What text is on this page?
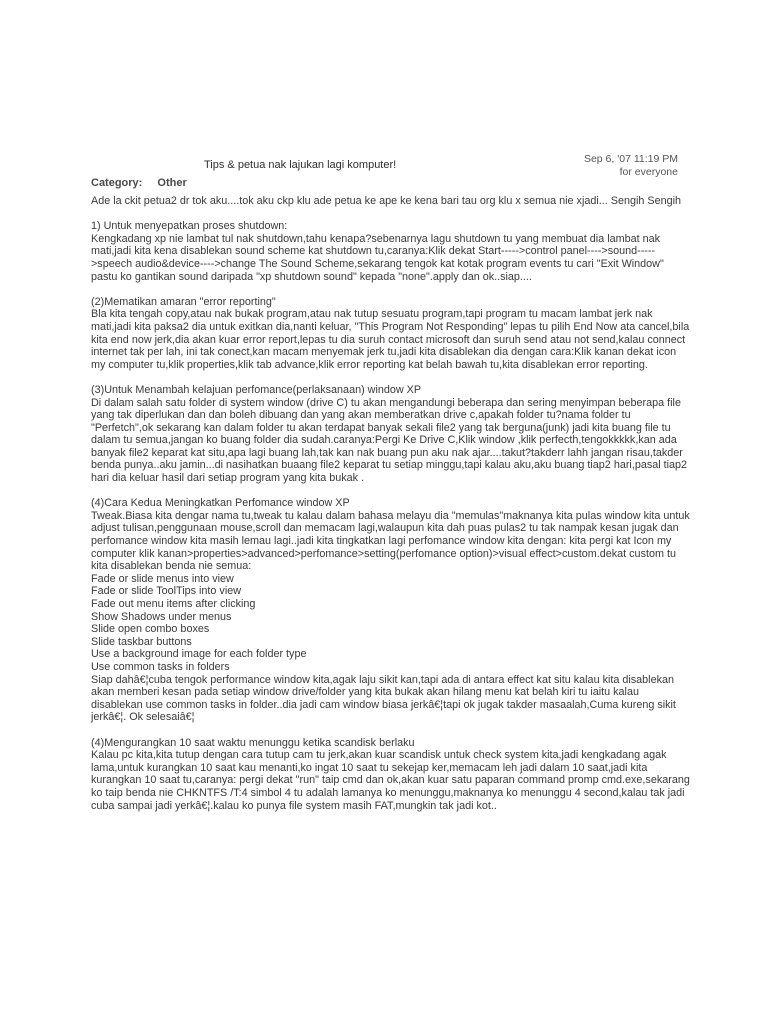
Tips & petua nak lajukan lagi komputer!	Sep 6, '07 11:19 PM
for everyone
Category: Other

Ade la ckit petua2 dr tok aku....tok aku ckp klu ade petua ke ape ke kena bari tau org klu x semua nie xjadi... Sengih Sengih

1) Untuk menyepatkan proses shutdown:
Kengkadang xp nie lambat tul nak shutdown,tahu kenapa?sebenarnya lagu shutdown tu yang membuat dia lambat nak mati,jadi kita kena disablekan sound scheme kat shutdown tu,caranya:Klik dekat Start----->control panel---->sound----->speech audio&device---->change The Sound Scheme,sekarang tengok kat kotak program events tu cari "Exit Window" pastu ko gantikan sound daripada "xp shutdown sound" kepada "none".apply dan ok..siap....

(2)Mematikan amaran "error reporting"
Bla kita tengah copy,atau nak bukak program,atau nak tutup sesuatu program,tapi program tu macam lambat jerk nak mati,jadi kita paksa2 dia untuk exitkan dia,nanti keluar, "This Program Not Responding" lepas tu pilih End Now ata cancel,bila kita end now jerk,dia akan kuar error report,lepas tu dia suruh contact microsoft dan suruh send atau not send,kalau connect internet tak per lah, ini tak conect,kan macam menyemak jerk tu,jadi kita disablekan dia dengan cara:Klik kanan dekat icon my computer tu,klik properties,klik tab advance,klik error reporting kat belah bawah tu,kita disablekan error reporting.

(3)Untuk Menambah kelajuan perfomance(perlaksanaan) window XP
Di dalam salah satu folder di system window (drive C) tu akan mengandungi beberapa dan sering menyimpan beberapa file yang tak diperlukan dan dan boleh dibuang dan yang akan memberatkan drive c,apakah folder tu?nama folder tu "Perfetch",ok sekarang kan dalam folder tu akan terdapat banyak sekali file2 yang tak berguna(junk) jadi kita buang file tu dalam tu semua,jangan ko buang folder dia sudah.caranya:Pergi Ke Drive C,Klik window ,klik perfecth,tengokkkkk,kan ada banyak file2 keparat kat situ,apa lagi buang lah,tak kan nak buang pun aku nak ajar....takut?takderr lahh jangan risau,takder benda punya..aku jamin...di nasihatkan buaang file2 keparat tu setiap minggu,tapi kalau aku,aku buang tiap2 hari,pasal tiap2 hari dia keluar hasil dari setiap program yang kita bukak .

(4)Cara Kedua Meningkatkan Perfomance window XP
Tweak.Biasa kita dengar nama tu,tweak tu kalau dalam bahasa melayu dia "memulas"maknanya kita pulas window kita untuk adjust tulisan,penggunaan mouse,scroll dan memacam lagi,walaupun kita dah puas pulas2 tu tak nampak kesan jugak dan perfomance window kita masih lemau lagi..jadi kita tingkatkan lagi perfomance window kita dengan: kita pergi kat Icon my computer klik kanan>properties>advanced>perfomance>setting(perfomance option)>visual effect>custom.dekat custom tu kita disablekan benda nie semua:
Fade or slide menus into view
Fade or slide ToolTips into view
Fade out menu items after clicking
Show Shadows under menus
Slide open combo boxes
Slide taskbar buttons
Use a background image for each folder type
Use common tasks in folders
Siap dahâ€¦cuba tengok performance window kita,agak laju sikit kan,tapi ada di antara effect kat situ kalau kita disablekan akan memberi kesan pada setiap window drive/folder yang kita bukak akan hilang menu kat belah kiri tu iaitu kalau disablekan use common tasks in folder..dia jadi cam window biasa jerkâ€¦tapi ok jugak takder masaalah,Cuma kureng sikit jerkâ€¦. Ok selesaiâ€¦

(4)Mengurangkan 10 saat waktu menunggu ketika scandisk berlaku
Kalau pc kita,kita tutup dengan cara tutup cam tu jerk,akan kuar scandisk untuk check system kita,jadi kengkadang agak lama,untuk kurangkan 10 saat kau menanti,ko ingat 10 saat tu sekejap ker,memacam leh jadi dalam 10 saat,jadi kita kurangkan 10 saat tu,caranya: pergi dekat "run" taip cmd dan ok,akan kuar satu paparan command promp cmd.exe,sekarang ko taip benda nie CHKNTFS /T:4 simbol 4 tu adalah lamanya ko menunggu,maknanya ko menunggu 4 second,kalau tak jadi cuba sampai jadi yerkâ€¦.kalau ko punya file system masih FAT,mungkin tak jadi kot..
